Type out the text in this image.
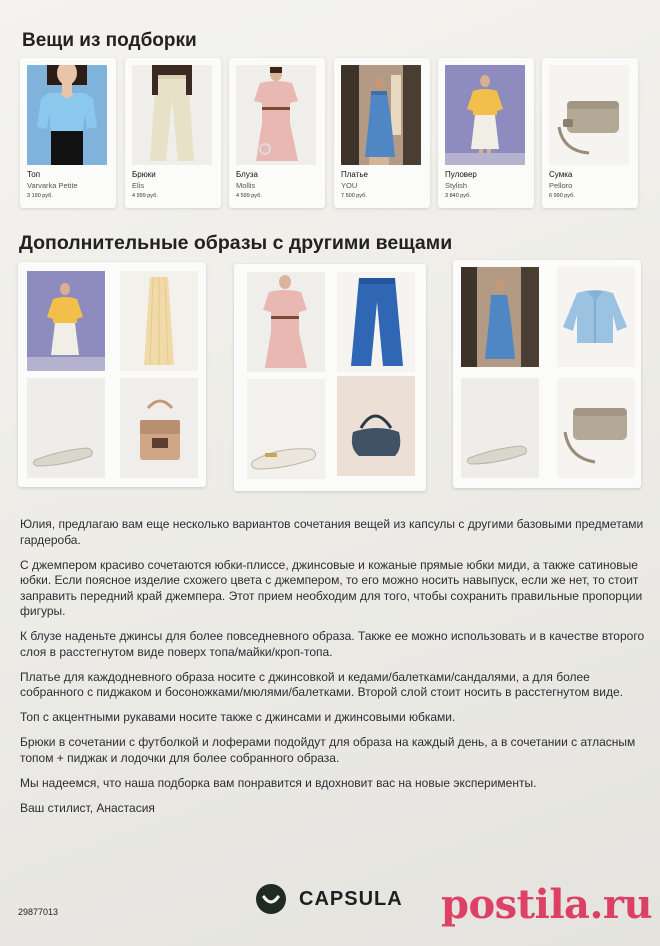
Вещи из подборки
Топ
Varvarka Petite
3 190 руб.
Брюки
Elis
4 999 руб.
Блуза
Mollis
4 599 руб.
Платье
YOU
7 500 руб.
Пуловер
Stylish
3 840 руб.
Сумка
Pelloro
6 990 руб.
Дополнительные образы с другими вещами

Юлия, предлагаю вам еще несколько вариантов сочетания вещей из капсулы с другими базовыми предметами гардероба.

С джемпером красиво сочетаются юбки-плиссе, джинсовые и кожаные прямые юбки миди, а также сатиновые юбки. Если поясное изделие схожего цвета с джемпером, то его можно носить навыпуск, если же нет, то стоит заправить передний край джемпера. Этот прием необходим для того, чтобы сохранить правильные пропорции фигуры.

К блузе наденьте джинсы для более повседневного образа. Также ее можно использовать и в качестве второго слоя в расстегнутом виде поверх топа/майки/кроп-топа.

Платье для каждодневного образа носите с джинсовкой и кедами/балетками/сандалями, а для более собранного с пиджаком и босоножками/мюлями/балетками. Второй слой стоит носить в расстегнутом виде.

Топ с акцентными рукавами носите также с джинсами и джинсовыми юбками.

Брюки в сочетании с футболкой и лоферами подойдут для образа на каждый день, а в сочетании с атласным топом + пиджак и лодочки для более собранного образа.

Мы надеемся, что наша подборка вам понравится и вдохновит вас на новые эксперименты.

Ваш стилист, Анастасия

CAPSULA
29877013	postila.ru
